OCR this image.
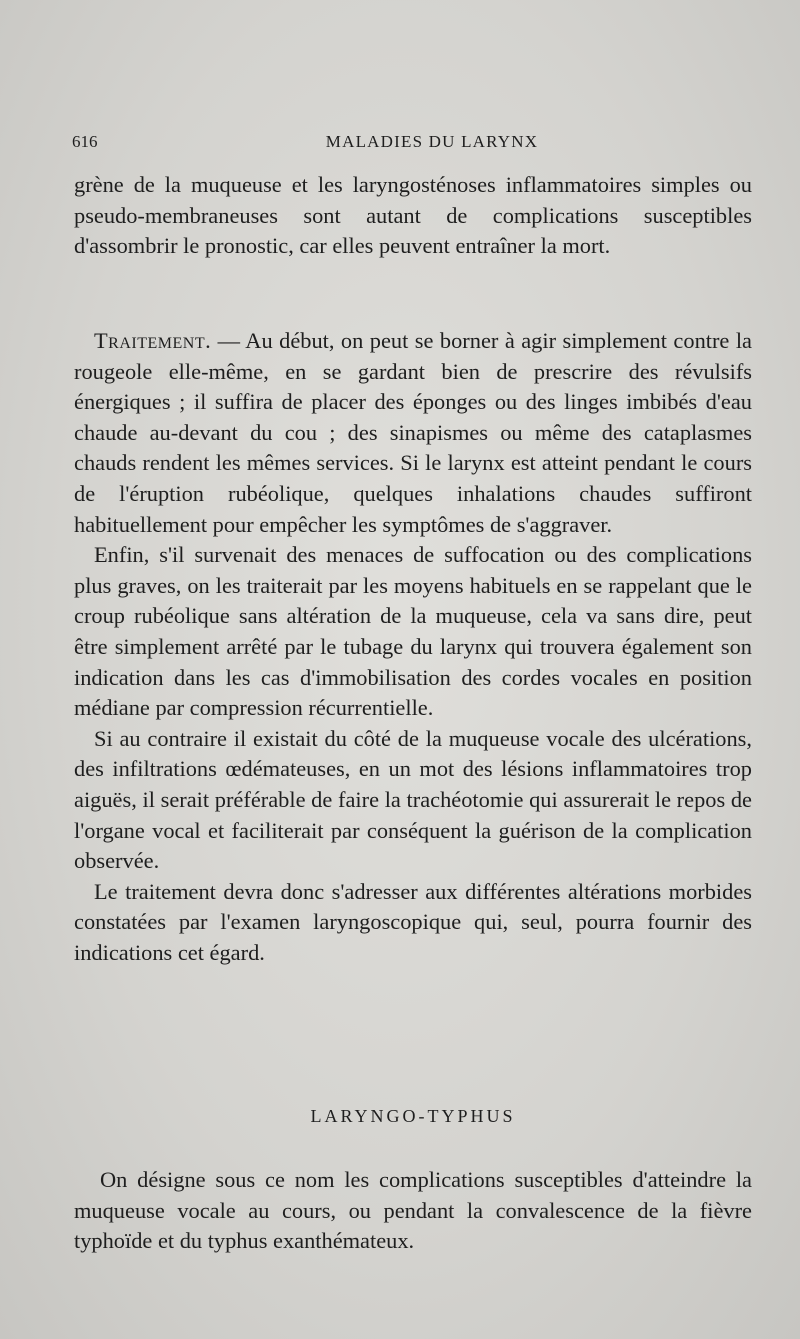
616	MALADIES DU LARYNX

grène de la muqueuse et les laryngosténoses inflammatoires simples ou pseudo-membraneuses sont autant de complications susceptibles d'assombrir le pronostic, car elles peuvent entraîner la mort.

Traitement. — Au début, on peut se borner à agir simplement contre la rougeole elle-même, en se gardant bien de prescrire des révulsifs énergiques ; il suffira de placer des éponges ou des linges imbibés d'eau chaude au-devant du cou ; des sinapismes ou même des cataplasmes chauds rendent les mêmes services. Si le larynx est atteint pendant le cours de l'éruption rubéolique, quelques inhalations chaudes suffiront habituellement pour empêcher les symptômes de s'aggraver.

Enfin, s'il survenait des menaces de suffocation ou des complications plus graves, on les traiterait par les moyens habituels en se rappelant que le croup rubéolique sans altération de la muqueuse, cela va sans dire, peut être simplement arrêté par le tubage du larynx qui trouvera également son indication dans les cas d'immobilisation des cordes vocales en position médiane par compression récurrentielle.

Si au contraire il existait du côté de la muqueuse vocale des ulcérations, des infiltrations œdémateuses, en un mot des lésions inflammatoires trop aiguës, il serait préférable de faire la trachéotomie qui assurerait le repos de l'organe vocal et faciliterait par conséquent la guérison de la complication observée.

Le traitement devra donc s'adresser aux différentes altérations morbides constatées par l'examen laryngoscopique qui, seul, pourra fournir des indications cet égard.

LARYNGO-TYPHUS

On désigne sous ce nom les complications susceptibles d'atteindre la muqueuse vocale au cours, ou pendant la convalescence de la fièvre typhoïde et du typhus exanthémateux.
